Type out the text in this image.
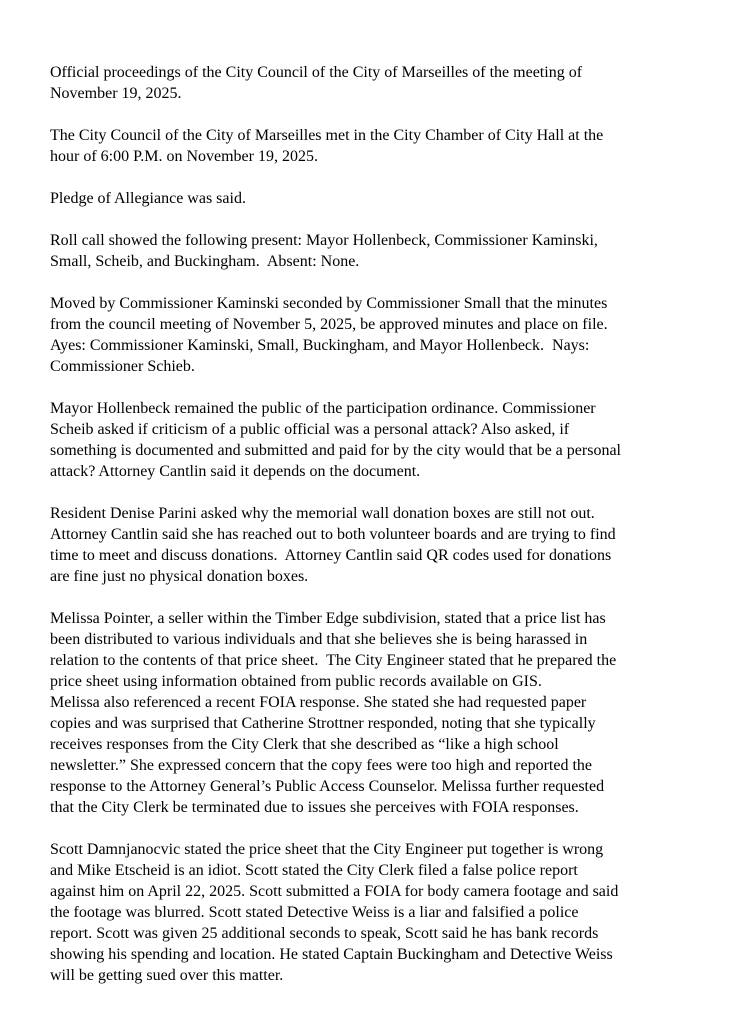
Official proceedings of the City Council of the City of Marseilles of the meeting of
November 19, 2025.

The City Council of the City of Marseilles met in the City Chamber of City Hall at the
hour of 6:00 P.M. on November 19, 2025.

Pledge of Allegiance was said.

Roll call showed the following present: Mayor Hollenbeck, Commissioner Kaminski,
Small, Scheib, and Buckingham.  Absent: None.

Moved by Commissioner Kaminski seconded by Commissioner Small that the minutes
from the council meeting of November 5, 2025, be approved minutes and place on file.
Ayes: Commissioner Kaminski, Small, Buckingham, and Mayor Hollenbeck.  Nays:
Commissioner Schieb.

Mayor Hollenbeck remained the public of the participation ordinance. Commissioner
Scheib asked if criticism of a public official was a personal attack? Also asked, if
something is documented and submitted and paid for by the city would that be a personal
attack? Attorney Cantlin said it depends on the document.

Resident Denise Parini asked why the memorial wall donation boxes are still not out.
Attorney Cantlin said she has reached out to both volunteer boards and are trying to find
time to meet and discuss donations.  Attorney Cantlin said QR codes used for donations
are fine just no physical donation boxes.

Melissa Pointer, a seller within the Timber Edge subdivision, stated that a price list has
been distributed to various individuals and that she believes she is being harassed in
relation to the contents of that price sheet.  The City Engineer stated that he prepared the
price sheet using information obtained from public records available on GIS.

Melissa also referenced a recent FOIA response. She stated she had requested paper
copies and was surprised that Catherine Strottner responded, noting that she typically
receives responses from the City Clerk that she described as “like a high school
newsletter.” She expressed concern that the copy fees were too high and reported the
response to the Attorney General’s Public Access Counselor. Melissa further requested
that the City Clerk be terminated due to issues she perceives with FOIA responses.

Scott Damnjanocvic stated the price sheet that the City Engineer put together is wrong
and Mike Etscheid is an idiot. Scott stated the City Clerk filed a false police report
against him on April 22, 2025. Scott submitted a FOIA for body camera footage and said
the footage was blurred. Scott stated Detective Weiss is a liar and falsified a police
report. Scott was given 25 additional seconds to speak, Scott said he has bank records
showing his spending and location. He stated Captain Buckingham and Detective Weiss
will be getting sued over this matter.
